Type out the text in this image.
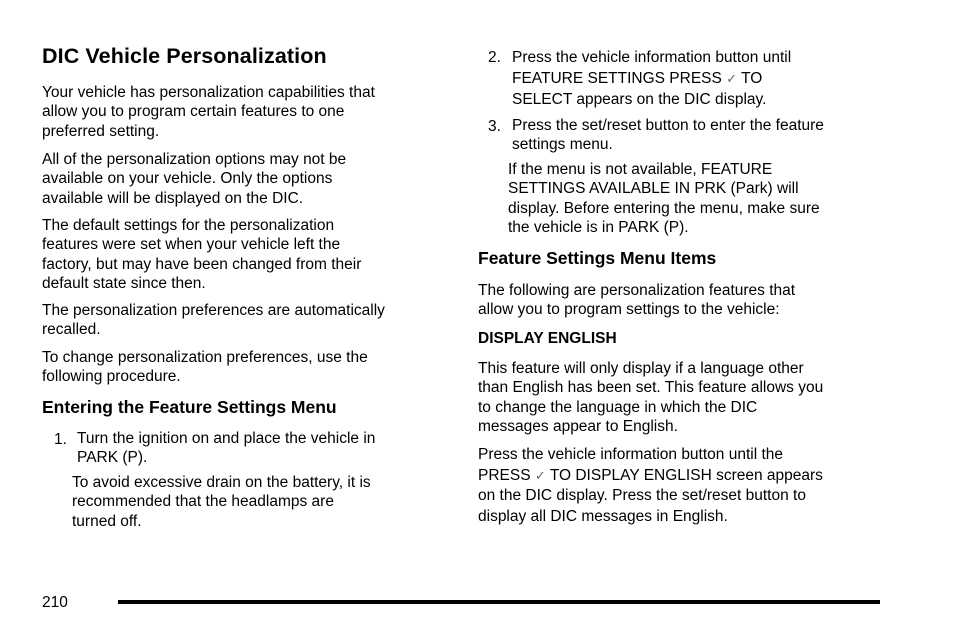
DIC Vehicle Personalization

Your vehicle has personalization capabilities that
allow you to program certain features to one
preferred setting.

All of the personalization options may not be
available on your vehicle. Only the options
available will be displayed on the DIC.

The default settings for the personalization
features were set when your vehicle left the
factory, but may have been changed from their
default state since then.

The personalization preferences are automatically
recalled.

To change personalization preferences, use the
following procedure.

Entering the Feature Settings Menu
1. Turn the ignition on and place the vehicle in
PARK (P).

To avoid excessive drain on the battery, it is
recommended that the headlamps are
turned off.

2. Press the vehicle information button until
FEATURE SETTINGS PRESS ✓ TO
SELECT appears on the DIC display.
3. Press the set/reset button to enter the feature
settings menu.

If the menu is not available, FEATURE
SETTINGS AVAILABLE IN PRK (Park) will
display. Before entering the menu, make sure
the vehicle is in PARK (P).

Feature Settings Menu Items

The following are personalization features that
allow you to program settings to the vehicle:

DISPLAY ENGLISH

This feature will only display if a language other
than English has been set. This feature allows you
to change the language in which the DIC
messages appear to English.

Press the vehicle information button until the
PRESS ✓ TO DISPLAY ENGLISH screen appears
on the DIC display. Press the set/reset button to
display all DIC messages in English.

210
